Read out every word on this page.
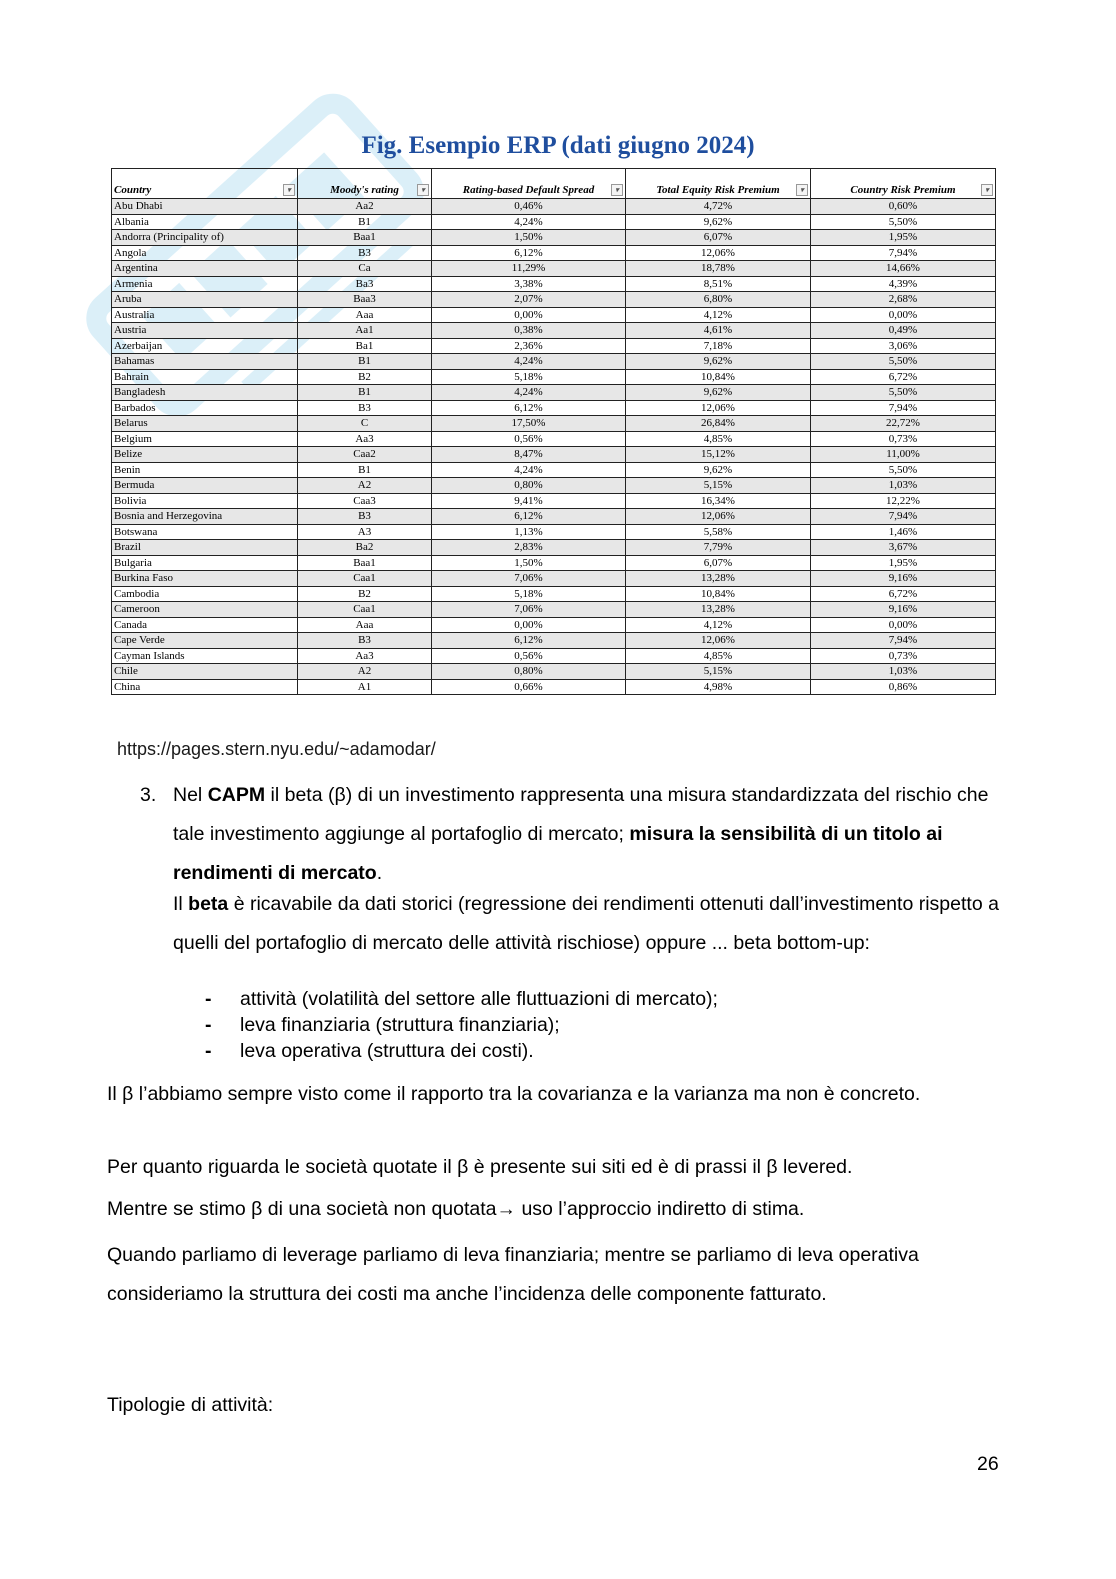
Fig. Esempio ERP (dati giugno 2024)
Country ▾	Moody's rating ▾	Rating-based Default Spread ▾	Total Equity Risk Premium ▾	Country Risk Premium ▾

Abu Dhabi	Aa2	0,46%	4,72%	0,60%
Albania	B1	4,24%	9,62%	5,50%
Andorra (Principality of)	Baa1	1,50%	6,07%	1,95%
Angola	B3	6,12%	12,06%	7,94%
Argentina	Ca	11,29%	18,78%	14,66%
Armenia	Ba3	3,38%	8,51%	4,39%
Aruba	Baa3	2,07%	6,80%	2,68%
Australia	Aaa	0,00%	4,12%	0,00%
Austria	Aa1	0,38%	4,61%	0,49%
Azerbaijan	Ba1	2,36%	7,18%	3,06%
Bahamas	B1	4,24%	9,62%	5,50%
Bahrain	B2	5,18%	10,84%	6,72%
Bangladesh	B1	4,24%	9,62%	5,50%
Barbados	B3	6,12%	12,06%	7,94%
Belarus	C	17,50%	26,84%	22,72%
Belgium	Aa3	0,56%	4,85%	0,73%
Belize	Caa2	8,47%	15,12%	11,00%
Benin	B1	4,24%	9,62%	5,50%
Bermuda	A2	0,80%	5,15%	1,03%
Bolivia	Caa3	9,41%	16,34%	12,22%
Bosnia and Herzegovina	B3	6,12%	12,06%	7,94%
Botswana	A3	1,13%	5,58%	1,46%
Brazil	Ba2	2,83%	7,79%	3,67%
Bulgaria	Baa1	1,50%	6,07%	1,95%
Burkina Faso	Caa1	7,06%	13,28%	9,16%
Cambodia	B2	5,18%	10,84%	6,72%
Cameroon	Caa1	7,06%	13,28%	9,16%
Canada	Aaa	0,00%	4,12%	0,00%
Cape Verde	B3	6,12%	12,06%	7,94%
Cayman Islands	Aa3	0,56%	4,85%	0,73%
Chile	A2	0,80%	5,15%	1,03%
China	A1	0,66%	4,98%	0,86%
https://pages.stern.nyu.edu/~adamodar/
3. Nel CAPM il beta (β) di un investimento rappresenta una misura standardizzata del rischio che tale investimento aggiunge al portafoglio di mercato; misura la sensibilità di un titolo ai rendimenti di mercato.

Il beta è ricavabile da dati storici (regressione dei rendimenti ottenuti dall’investimento rispetto a quelli del portafoglio di mercato delle attività rischiose) oppure ... beta bottom-up:

- attività (volatilità del settore alle fluttuazioni di mercato);
- leva finanziaria (struttura finanziaria);
- leva operativa (struttura dei costi).
Il β l’abbiamo sempre visto come il rapporto tra la covarianza e la varianza ma non è concreto.
Per quanto riguarda le società quotate il β è presente sui siti ed è di prassi il β levered.
Mentre se stimo β di una società non quotata→ uso l’approccio indiretto di stima.
Quando parliamo di leverage parliamo di leva finanziaria; mentre se parliamo di leva operativa consideriamo la struttura dei costi ma anche l’incidenza delle componente fatturato.
Tipologie di attività:
26
